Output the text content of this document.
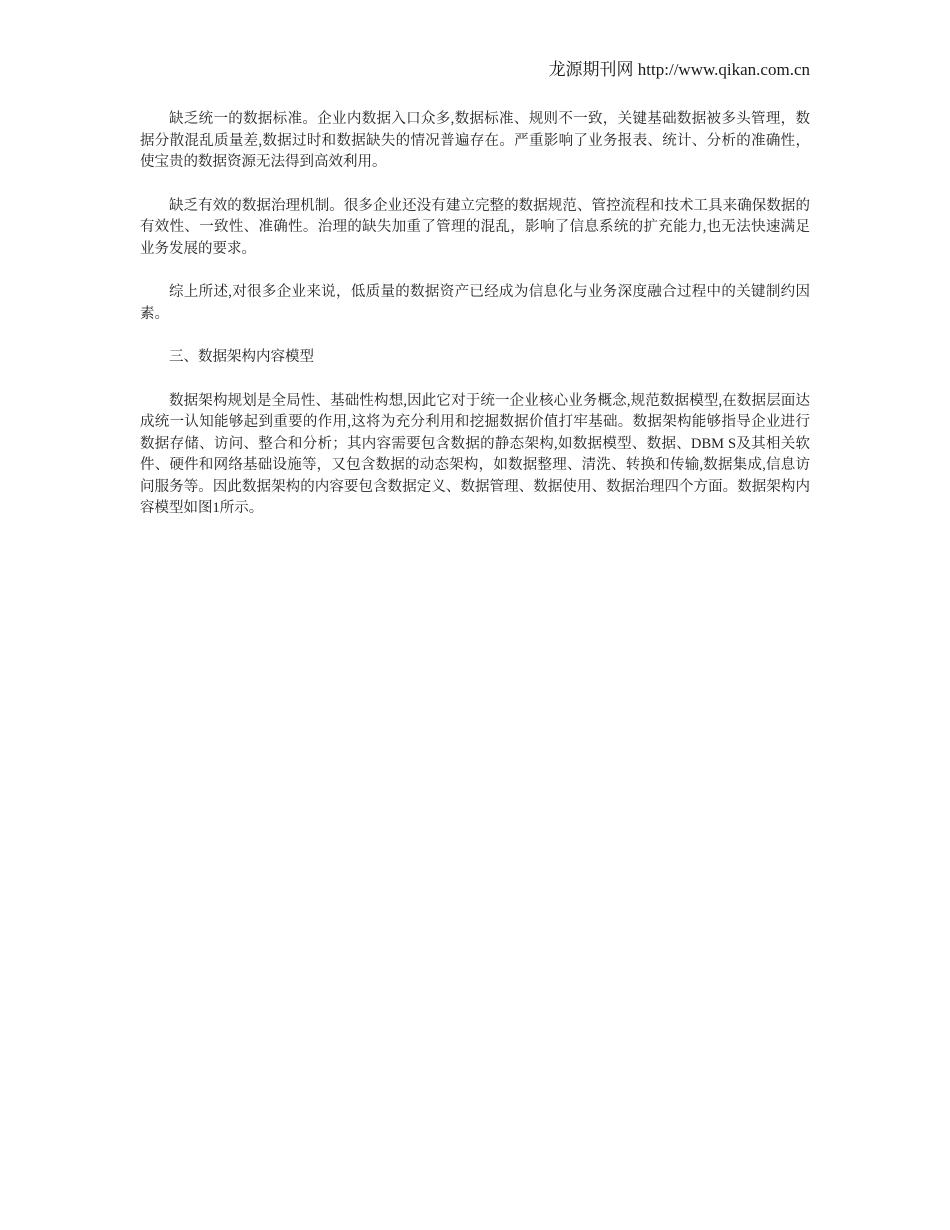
龙源期刊网 http://www.qikan.com.cn

缺乏统一的数据标准。企业内数据入口众多,数据标准、规则不一致，关键基础数据被多头管理，数据分散混乱质量差,数据过时和数据缺失的情况普遍存在。严重影响了业务报表、统计、分析的准确性，使宝贵的数据资源无法得到高效利用。

缺乏有效的数据治理机制。很多企业还没有建立完整的数据规范、管控流程和技术工具来确保数据的有效性、一致性、准确性。治理的缺失加重了管理的混乱，影响了信息系统的扩充能力,也无法快速满足业务发展的要求。

综上所述,对很多企业来说，低质量的数据资产已经成为信息化与业务深度融合过程中的关键制约因素。

三、数据架构内容模型

数据架构规划是全局性、基础性构想,因此它对于统一企业核心业务概念,规范数据模型,在数据层面达成统一认知能够起到重要的作用,这将为充分利用和挖掘数据价值打牢基础。数据架构能够指导企业进行数据存储、访问、整合和分析；其内容需要包含数据的静态架构,如数据模型、数据、DBM S及其相关软件、硬件和网络基础设施等，又包含数据的动态架构，如数据整理、清洗、转换和传输,数据集成,信息访问服务等。因此数据架构的内容要包含数据定义、数据管理、数据使用、数据治理四个方面。数据架构内容模型如图1所示。
